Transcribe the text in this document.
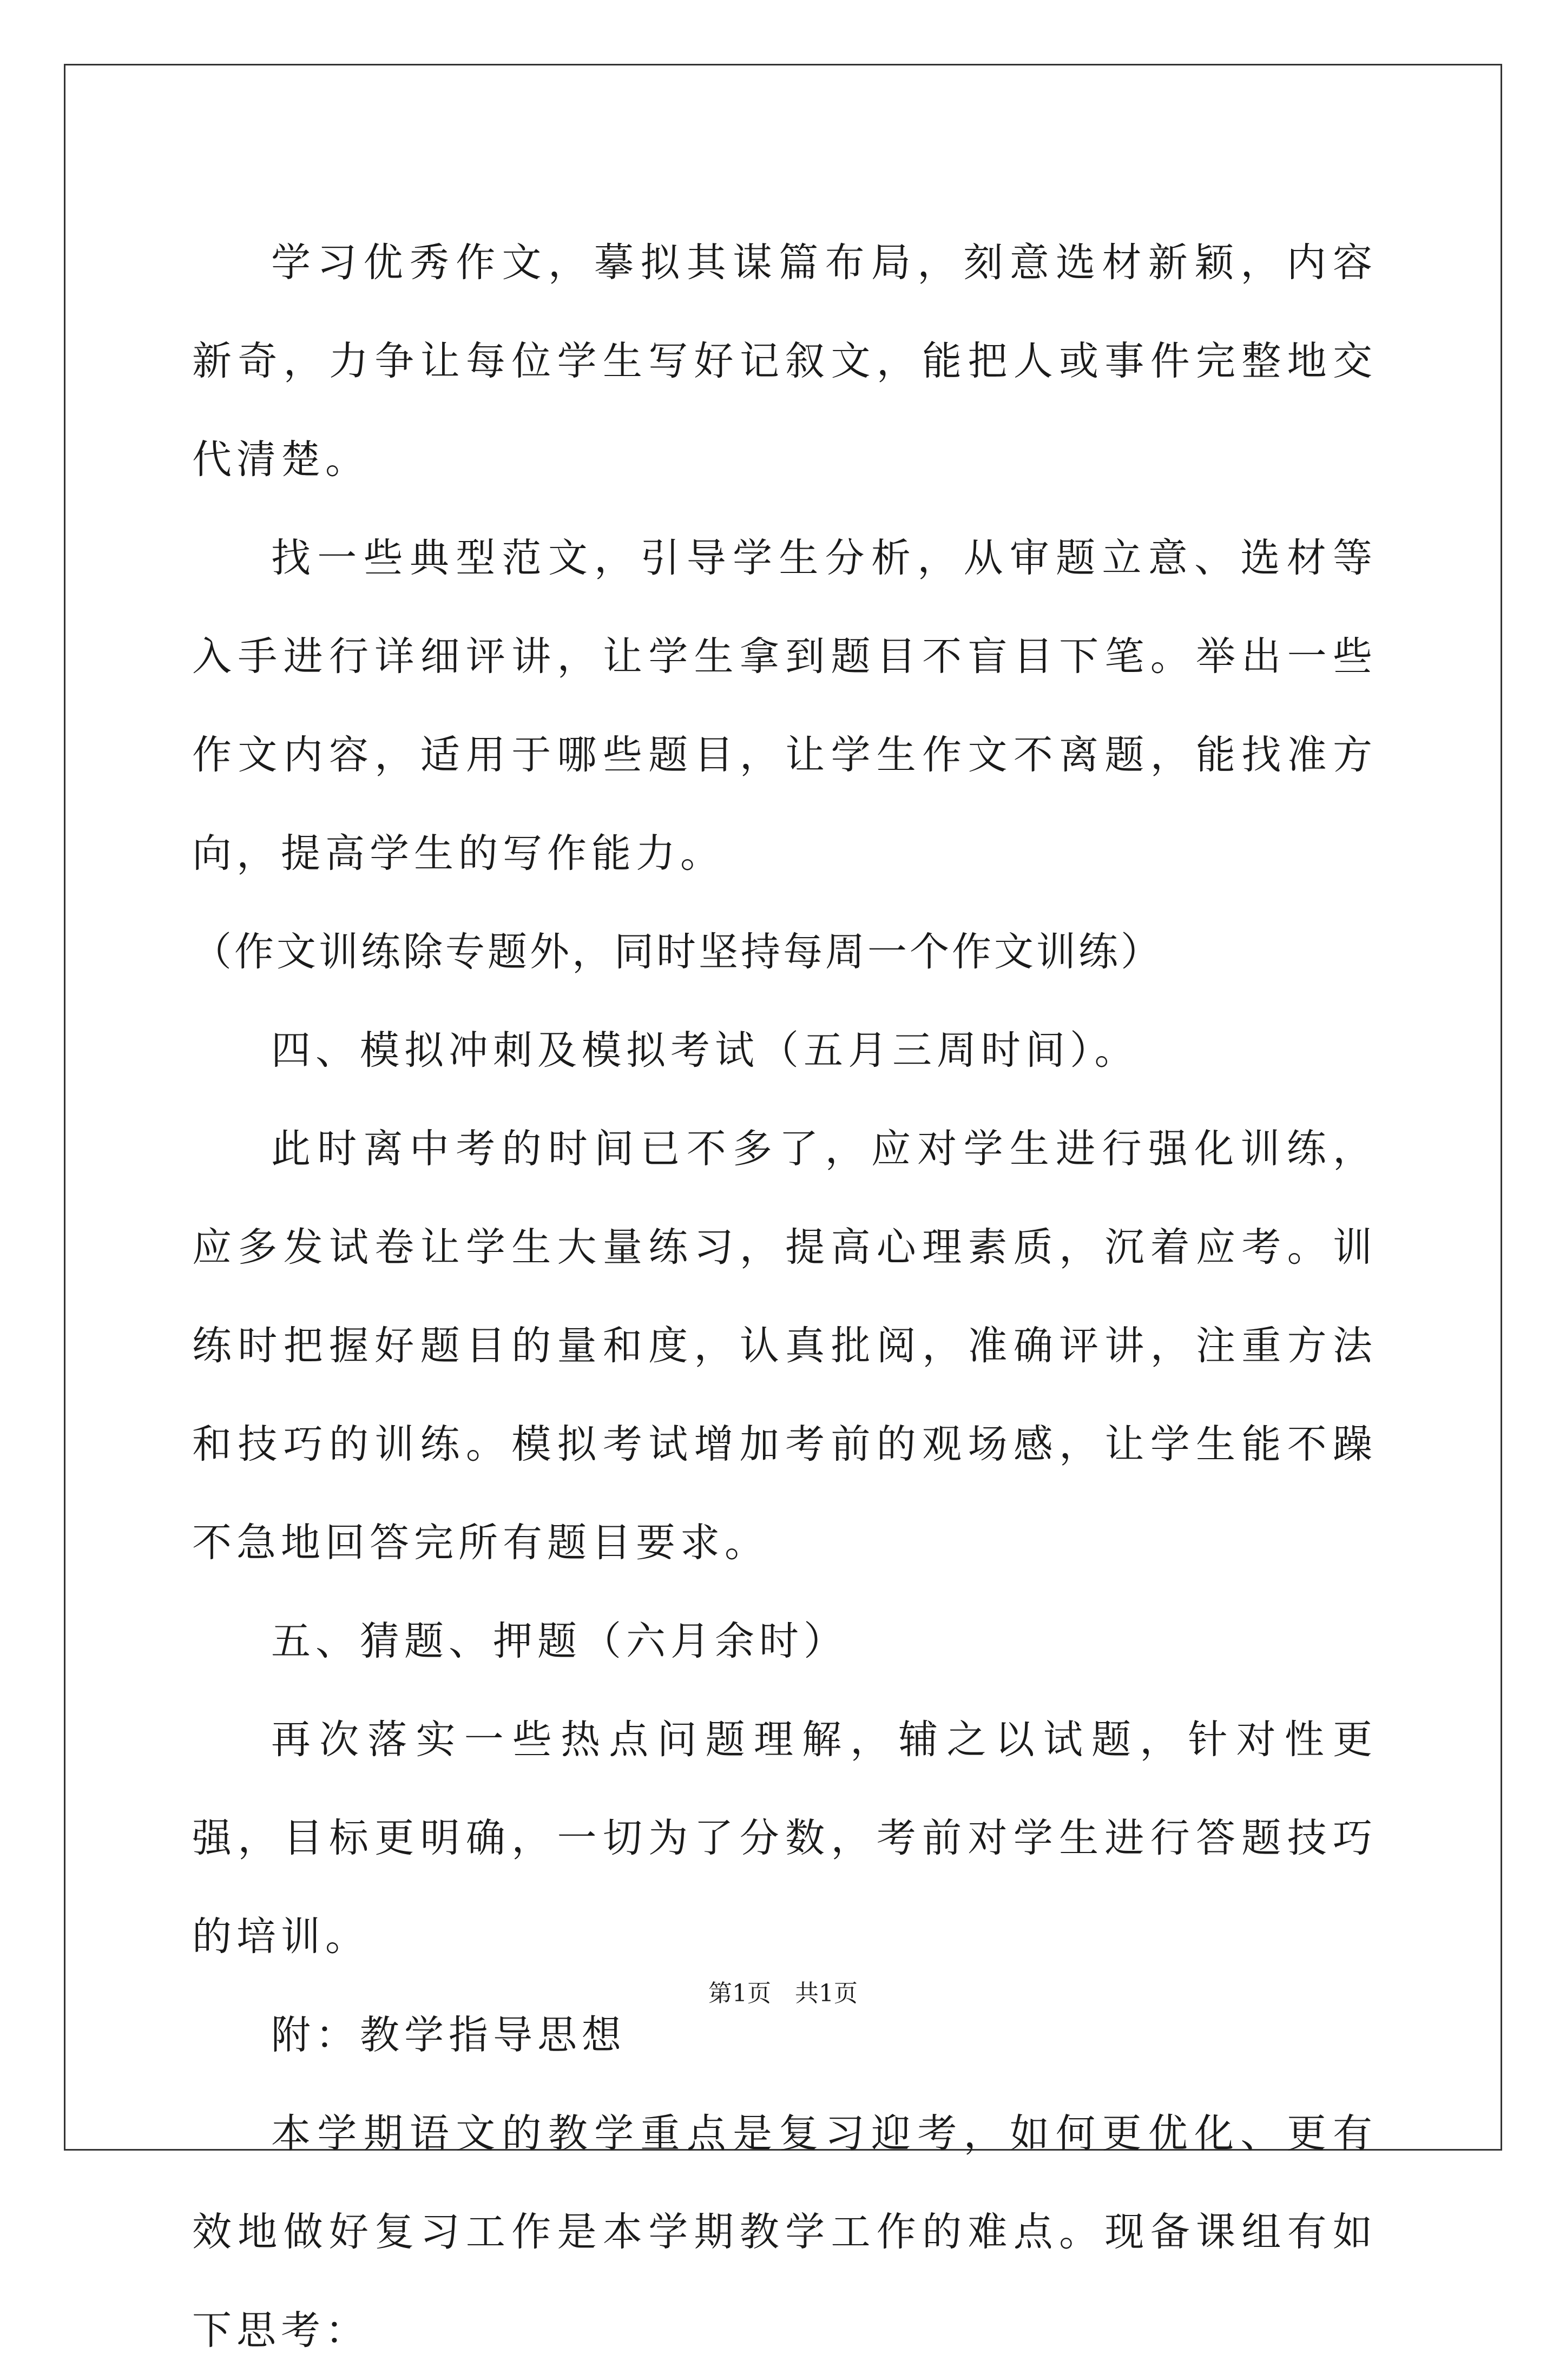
学习优秀作文，摹拟其谋篇布局，刻意选材新颖，内容新奇，力争让每位学生写好记叙文，能把人或事件完整地交代清楚。

找一些典型范文，引导学生分析，从审题立意、选材等入手进行详细评讲，让学生拿到题目不盲目下笔。举出一些作文内容，适用于哪些题目，让学生作文不离题，能找准方向，提高学生的写作能力。

（作文训练除专题外，同时坚持每周一个作文训练）

四、模拟冲刺及模拟考试（五月三周时间）。

此时离中考的时间已不多了，应对学生进行强化训练，应多发试卷让学生大量练习，提高心理素质，沉着应考。训练时把握好题目的量和度，认真批阅，准确评讲，注重方法和技巧的训练。模拟考试增加考前的观场感，让学生能不躁不急地回答完所有题目要求。

五、猜题、押题（六月余时）

再次落实一些热点问题理解，辅之以试题，针对性更强，目标更明确，一切为了分数，考前对学生进行答题技巧的培训。

附：教学指导思想

本学期语文的教学重点是复习迎考，如何更优化、更有效地做好复习工作是本学期教学工作的难点。现备课组有如下思考：

第1页　共1页
